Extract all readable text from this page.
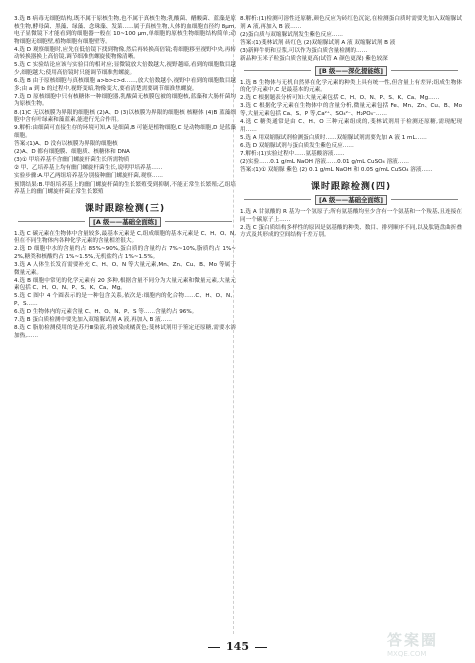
3.选 B 病毒无细胞结构,既不属于原核生物,也不属于真核生物;乳酸菌、醋酸菌、蓝藻是原核生物,酵母菌、黑藻、绿藻、念珠藻、发菜……属于真核生物,人体的血细胞直径约 8μm,电子显微镜下才能看到的细胞器一般在 10~100 μm,单细胞的原核生物细胞结构简单;动物细胞无细胞壁,植物细胞有细胞壁等。

4.选 D 观察细胞时,应先在低倍镜下找到物像,然后再转换高倍镜;将细胞移至视野中央,再转动转换器换上高倍镜,调节细准焦螺旋使物像清晰。

5.选 C 实验结论应该与实验目的相对应;显微镜放大倍数越大,视野越暗,看到的细胞数目越少,细胞越大;使用高倍镜时只能调节细准焦螺旋。

6.选 B 由于原核细胞与真核细胞 a>b>c>d……,放大倍数越小,视野中看到的细胞数目越多;由 a 到 b 的过程中,视野变暗,物像变大,要看清楚需要调节细准焦螺旋。

7.选 D 原核细胞中只有核糖体一种细胞器,乳酸菌无核膜包被的细胞核,蓝藻和大肠杆菌均为原核生物。

8.(1)C 无以核膜为界限的细胞核 (2)A、D (3)以核膜为界限的细胞核 核糖体 (4)B 蓝藻细胞中含有叶绿素和藻蓝素,能进行光合作用。

9.解析:由细菌可直接生存的环境可知,A 是细菌,B 可能是植物细胞,C 是动物细胞,D 是蓝藻细胞。

答案:(1)A、D 没有以核膜为界限的细胞核

(2)A、D 都有细胞膜、细胞质、核糖体和 DNA

(3)① 甲培养基不含幽门螺旋杆菌生长所需物质

② 甲、乙培养基上均有幽门螺旋杆菌生长,说明甲培养基……

实验步骤:A.甲乙两组培养基分别接种幽门螺旋杆菌,观察……

预期结果:B.甲组培养基上的幽门螺旋杆菌的生长繁殖受到抑制,不能正常生长繁殖;乙组培养基上的幽门螺旋杆菌正常生长繁殖

课时跟踪检测(三)
[A 级——基础全面练]

1.选 C 碳元素在生物体中含量较多,最基本元素是 C,组成细胞的基本元素是 C、H、O、N,但在不同生物体内各种化学元素的含量相差很大。

2.选 D 细胞中水的含量约占 85%~90%,蛋白质的含量约占 7%~10%,脂质约占 1%~2%,糖类和核酸约占 1%~1.5%,无机盐约占 1%~1.5%。

3.选 A 人体生长发育需要补充 C、H、O、N 等大量元素,Mn、Zn、Cu、B、Mo 等属于微量元素。

4.选 B 细胞中常见的化学元素有 20 多种,根据含量不同分为大量元素和微量元素,大量元素包括 C、H、O、N、P、S、K、Ca、Mg。

5.选 C 图中 4 个圆表示的是一种包含关系,依次是:细胞内的化合物……C、H、O、N、P、S……

6.选 D 生物体内的元素含量 C、H、O、N、P、S 等……含量约占 96%。

7.选 B 蛋白质检测中要先加入双缩脲试剂 A 液,再加入 B 液……

8.选 C 脂肪检测使用的是苏丹Ⅲ染液,将被染成橘黄色;斐林试剂用于鉴定还原糖,需要水浴加热,……

8.解析:(1)检测可溶性还原糖,颜色反应为砖红色沉淀,在检测蛋白质时需要先加入双缩脲试剂 A 液,再加入 B 液……

(2)蛋白质与双缩脲试剂发生紫色反应……

答案:(1)斐林试剂 砖红色 (2)双缩脲试剂 A 液 双缩脲试剂 B 液

(3)新鲜牛奶和豆浆,可以作为蛋白质含量检测的……

新品种玉米子粒蛋白质含量更高(试管 A 颜色更深) 紫色较深

[B 级——深化提能练]

1.选 B 生物体与无机自然界在化学元素的种类上具有统一性,但含量上有差异;组成生物体的化学元素中,C 是最基本的元素。

2.选 C 根据题表分析可知:大量元素包括 C、H、O、N、P、S、K、Ca、Mg……

3.选 C 根据化学元素在生物体中的含量分析,微量元素包括 Fe、Mn、Zn、Cu、B、Mo 等,大量元素包括 Ca、S、P 等,Ca²⁺、SO₄²⁻、H₂PO₄⁻……

4.选 C 糖类通常是由 C、H、O 三种元素组成的,斐林试剂用于检测还原糖,需现配现用……

5.选 A 用双缩脲试剂检测蛋白质时……双缩脲试剂需要先加 A 液 1 mL……

6.选 D 双缩脲试剂与蛋白质发生紫色反应……

7.解析:(1)实验过程中……氨基酸溶液……

(2)实验……0.1 g/mL NaOH 溶液……0.01 g/mL CuSO₄ 溶液……

答案:(1)① 双缩脲 紫色 (2) 0.1 g/mL NaOH 和 0.05 g/mL CuSO₄ 溶液……

课时跟踪检测(四)
[A 级——基础全面练]

1.选 A 甘氨酸的 R 基为一个氢原子;所有氨基酸均至少含有一个氨基和一个羧基,且连接在同一个碳原子上……

2.选 C 蛋白质结构多样性的原因是氨基酸的种类、数目、排列顺序不同,以及肽链盘曲折叠方式及其形成的空间结构千差万别。

145	答案圈
MXQE.COM
